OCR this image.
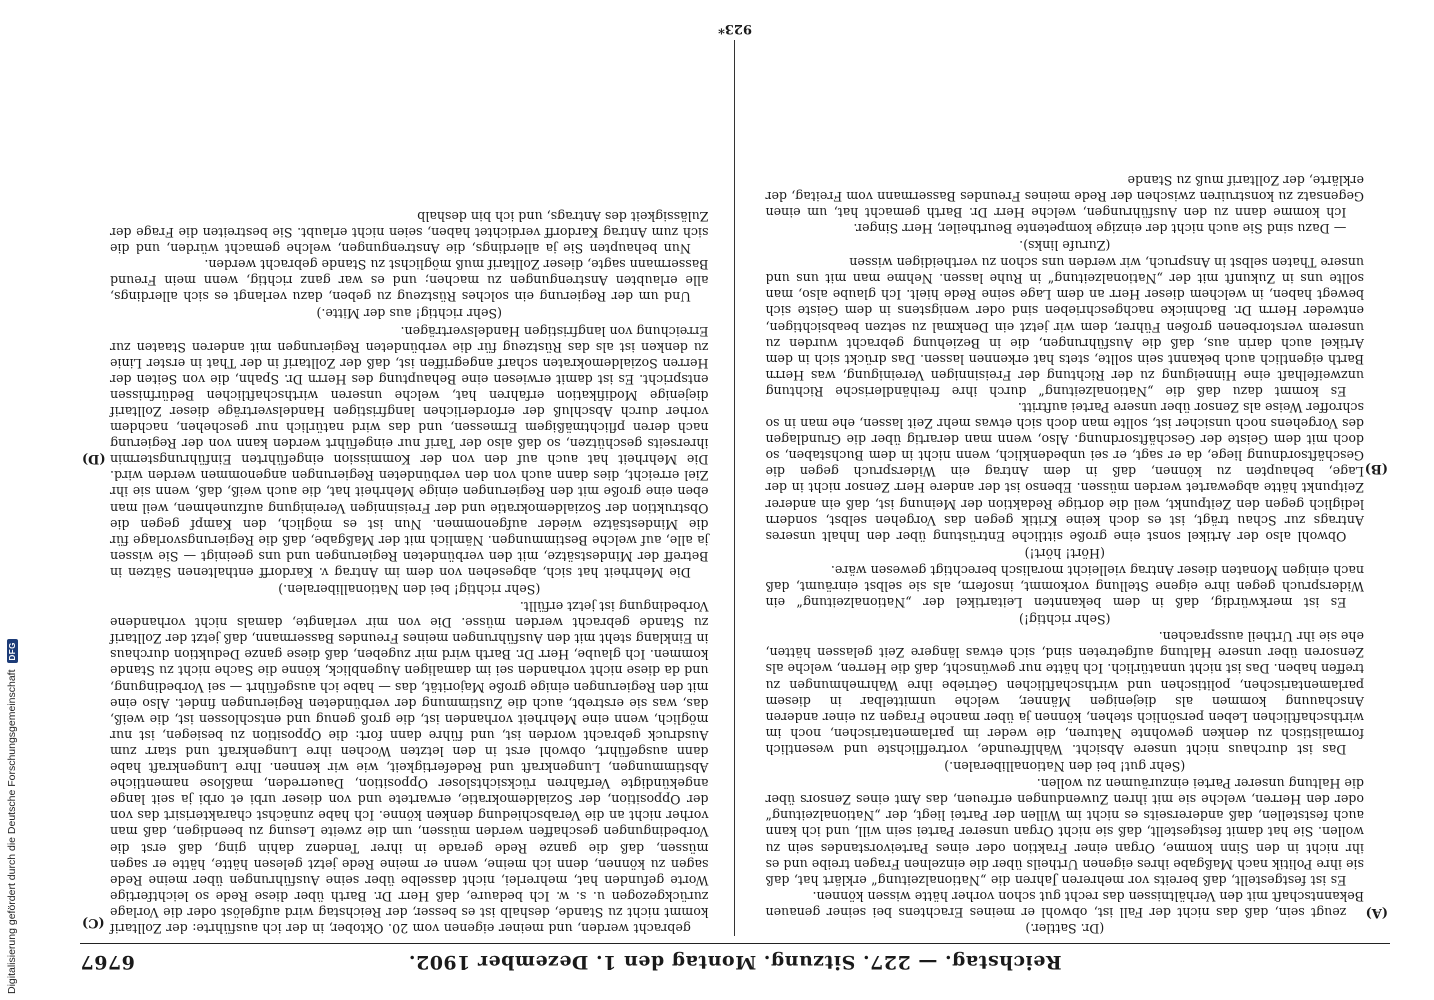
Digitalisierung gefördert durch die Deutsche Forschungsgemeinschaft
DFG
Reichstag. — 227. Sitzung. Montag den 1. Dezember 1902.
6767
(A)
(B)

(Dr. Sattler.)

zeugt sein, daß das nicht der Fall ist, obwohl er meines Erachtens bei seiner genauen Bekanntschaft mit den Verhältnissen das recht gut schon vorher hätte wissen können.

Es ist festgestellt, daß bereits vor mehreren Jahren die „Nationalzeitung“ erklärt hat, daß sie ihre Politik nach Maßgabe ihres eigenen Urtheils über die einzelnen Fragen treibe und es ihr nicht in den Sinn komme, Organ einer Fraktion oder eines Parteivorstandes sein zu wollen. Sie hat damit festgestellt, daß sie nicht Organ unserer Partei sein will, und ich kann auch feststellen, daß andererseits es nicht im Willen der Partei liegt, der „Nationalzeitung“ oder den Herren, welche sie mit ihren Zuwendungen erfreuen, das Amt eines Zensors über die Haltung unserer Partei einzuräumen zu wollen.

(Sehr gut! bei den Nationalliberalen.)

Das ist durchaus nicht unsere Absicht. Wahlfreunde, vortrefflichste und wesentlich formalistisch zu denken gewohnte Naturen, die weder im parlamentarischen, noch im wirthschaftlichen Leben persönlich stehen, können ja über manche Fragen zu einer anderen Anschauung kommen als diejenigen Männer, welche unmittelbar in diesem parlamentarischen, politischen und wirthschaftlichen Getriebe ihre Wahrnehmungen zu treffen haben. Das ist nicht unnatürlich. Ich hätte nur gewünscht, daß die Herren, welche als Zensoren über unsere Haltung aufgetreten sind, sich etwas längere Zeit gelassen hätten, ehe sie ihr Urtheil aussprachen.

(Sehr richtig!)

Es ist merkwürdig, daß in dem bekannten Leitartikel der „Nationalzeitung“ ein Widerspruch gegen ihre eigene Stellung vorkommt, insofern, als sie selbst einräumt, daß nach einigen Monaten dieser Antrag vielleicht moralisch berechtigt gewesen wäre.

(Hört! hört!)

Obwohl also der Artikel sonst eine große sittliche Entrüstung über den Inhalt unseres Antrags zur Schau trägt, ist es doch keine Kritik gegen das Vorgehen selbst, sondern lediglich gegen den Zeitpunkt, weil die dortige Redaktion der Meinung ist, daß ein anderer Zeitpunkt hätte abgewartet werden müssen. Ebenso ist der andere Herr Zensor nicht in der Lage, behaupten zu können, daß in dem Antrag ein Widerspruch gegen die Geschäftsordnung liege, da er sagt, er sei unbedenklich, wenn nicht in dem Buchstaben, so doch mit dem Geiste der Geschäftsordnung. Also, wenn man derartig über die Grundlagen des Vorgehens noch unsicher ist, sollte man doch sich etwas mehr Zeit lassen, ehe man in so schroffer Weise als Zensor über unsere Partei auftritt.

Es kommt dazu daß die „Nationalzeitung“ durch ihre freihändlerische Richtung unzweifelhaft eine Hinneigung zu der Richtung der Freisinnigen Vereinigung, was Herrn Barth eigentlich auch bekannt sein sollte, stets hat erkennen lassen. Das drückt sich in dem Artikel auch darin aus, daß die Ausführungen, die in Beziehung gebracht wurden zu unserem verstorbenen großen Führer, dem wir jetzt ein Denkmal zu setzen beabsichtigen, entweder Herrn Dr. Bachnicke nachgeschrieben sind oder wenigstens in dem Geiste sich bewegt haben, in welchem dieser Herr an dem Lage seine Rede hielt. Ich glaube also, man sollte uns in Zukunft mit der „Nationalzeitung“ in Ruhe lassen. Nehme man mit uns und unsere Thaten selbst in Anspruch, wir werden uns schon zu vertheidigen wissen

(Zurufe links).

— Dazu sind Sie auch nicht der einzige kompetente Beurtheiler, Herr Singer.

Ich komme dann zu den Ausführungen, welche Herr Dr. Barth gemacht hat, um einen Gegensatz zu konstruiren zwischen der Rede meines Freundes Bassermann vom Freitag, der erklärte, der Zolltarif muß zu Stande

(C)
(D)

gebracht werden, und meiner eigenen vom 20. Oktober, in der ich ausführte: der Zolltarif kommt nicht zu Stande, deshalb ist es besser, der Reichstag wird aufgelöst oder die Vorlage zurückgezogen u. s. w. Ich bedaure, daß Herr Dr. Barth über diese Rede so leichtfertige Worte gefunden hat, mehrerlei, nicht dasselbe über seine Ausführungen über meine Rede sagen zu können, denn ich meine, wenn er meine Rede jetzt gelesen hätte, hätte er sagen müssen, daß die ganze Rede gerade in ihrer Tendenz dahin ging, daß erst die Vorbedingungen geschaffen werden müssen, um die zweite Lesung zu beendigen, daß man vorher nicht an die Verabschiedung denken könne. Ich habe zunächst charakterisirt das von der Opposition, der Sozialdemokratie, erwartete und von dieser urbi et orbi ja seit lange angekündigte Verfahren rücksichtsloser Opposition, Dauerreden, maßlose namentliche Abstimmungen, Lungenkraft und Redefertigkeit, wie wir kennen. Ihre Lungenkraft habe dann ausgeführt, obwohl erst in den letzten Wochen ihre Lungenkraft und starr zum Ausdruck gebracht worden ist, und führe dann fort: die Opposition zu besiegen, ist nur möglich, wenn eine Mehrheit vorhanden ist, die groß genug und entschlossen ist, die weiß, das, was sie erstrebt, auch die Zustimmung der verbündeten Regierungen findet. Also eine mit den Regierungen einige große Majorität, das — habe ich ausgeführt — sei Vorbedingung, und da diese nicht vorhanden sei im damaligen Augenblick, könne die Sache nicht zu Stande kommen. Ich glaube, Herr Dr. Barth wird mir zugeben, daß diese ganze Deduktion durchaus in Einklang steht mit den Ausführungen meines Freundes Bassermann, daß jetzt der Zolltarif zu Stande gebracht werden müsse. Die von mir verlangte, damals nicht vorhandene Vorbedingung ist jetzt erfüllt.

(Sehr richtig! bei den Nationalliberalen.)

Die Mehrheit hat sich, abgesehen von dem im Antrag v. Kardorff enthaltenen Sätzen in Betreff der Mindestsätze, mit den verbündeten Regierungen und uns geeinigt — Sie wissen ja alle, auf welche Bestimmungen. Nämlich mit der Maßgabe, daß die Regierungsvorlage für die Mindestsätze wieder aufgenommen. Nun ist es möglich, den Kampf gegen die Obstruktion der Sozialdemokratie und der Freisinnigen Vereinigung aufzunehmen, weil man eben eine große mit den Regierungen einige Mehrheit hat, die auch weiß, daß, wenn sie ihr Ziel erreicht, dies dann auch von den verbündeten Regierungen angenommen werden wird. Die Mehrheit hat auch auf den von der Kommission eingeführten Einführungstermin ihrerseits geschützen, so daß also der Tarif nur eingeführt werden kann von der Regierung nach deren pflichtmäßigem Ermessen, und das wird natürlich nur geschehen, nachdem vorher durch Abschluß der erforderlichen langfristigen Handelsverträge dieser Zolltarif diejenige Modifikation erfahren hat, welche unseren wirthschaftlichen Bedürfnissen entspricht. Es ist damit erwiesen eine Behauptung des Herrn Dr. Spahn, die von Seiten der Herren Sozialdemokraten scharf angegriffen ist, daß der Zolltarif in der That in erster Linie zu denken ist als das Rüstzeug für die verbündeten Regierungen mit anderen Staaten zur Erreichung von langfristigen Handelsverträgen.

(Sehr richtig! aus der Mitte.)

Und um der Regierung ein solches Rüstzeug zu geben, dazu verlangt es sich allerdings, alle erlaubten Anstrengungen zu machen; und es war ganz richtig, wenn mein Freund Bassermann sagte, dieser Zolltarif muß möglichst zu Stande gebracht werden.

Nun behaupten Sie ja allerdings, die Anstrengungen, welche gemacht würden, und die sich zum Antrag Kardorff verdichtet haben, seien nicht erlaubt. Sie bestreiten die Frage der Zulässigkeit des Antrags, und ich bin deshalb

923*
